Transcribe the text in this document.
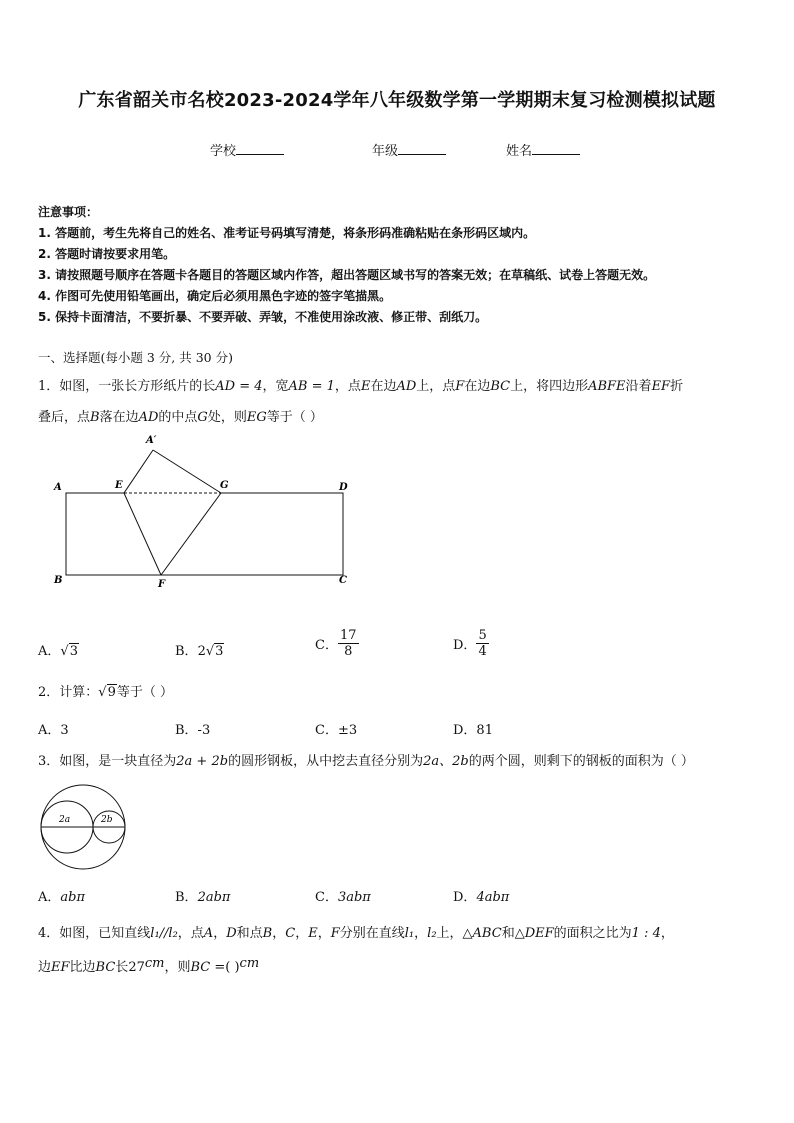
广东省韶关市名校2023-2024学年八年级数学第一学期期末复习检测模拟试题
学校	年级	姓名
注意事项：
1. 答题前，考生先将自己的姓名、准考证号码填写清楚，将条形码准确粘贴在条形码区域内。
2. 答题时请按要求用笔。
3. 请按照题号顺序在答题卡各题目的答题区域内作答，超出答题区域书写的答案无效；在草稿纸、试卷上答题无效。
4. 作图可先使用铅笔画出，确定后必须用黑色字迹的签字笔描黑。
5. 保持卡面清洁，不要折暴、不要弄破、弄皱，不准使用涂改液、修正带、刮纸刀。
一、选择题(每小题 3 分, 共 30 分)
1．如图，一张长方形纸片的长AD = 4，宽AB = 1，点E在边AD上，点F在边BC上，将四边形ABFE沿着EF折
叠后，点B落在边AD的中点G处，则EG等于（ ）
A′
A	E	G	D
B	F	C
A．√3	B．2√3	C． $\frac{17}{8}$	D． $\frac{5}{4}$
2．计算：√9等于（ ）
A．3	B．-3	C．±3	D．81
3．如图，是一块直径为2a + 2b的圆形钢板，从中挖去直径分别为2a、2b的两个圆，则剩下的钢板的面积为（ ）
2a	2b
A．abπ	B．2abπ	C．3abπ	D．4abπ
4．如图，已知直线l₁//l₂，点A，D和点B，C，E，F分别在直线l₁，l₂上，△ABC和△DEF的面积之比为1 : 4，
边EF比边BC长27cm，则BC =( )cm
